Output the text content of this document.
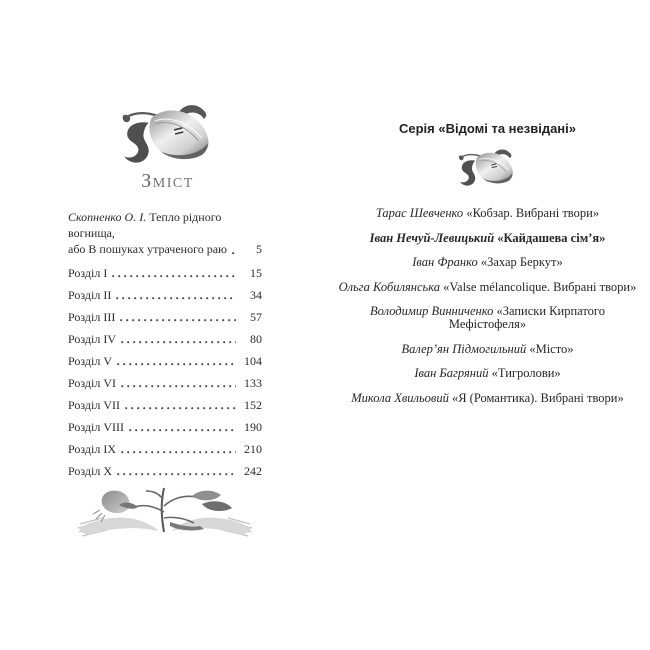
Зміст
Скопненко О. І. Тепло рідного вогнища,
або В пошуках утраченого раю	5
Розділ I	15
Розділ II	34
Розділ III	57
Розділ IV	80
Розділ V	104
Розділ VI	133
Розділ VII	152
Розділ VIII	190
Розділ IX	210
Розділ X	242
Серія «Відомі та незвідані»
Тарас Шевченко «Кобзар. Вибрані твори»
Іван Нечуй-Левицький «Кайдашева сім’я»
Іван Франко «Захар Беркут»
Ольга Кобилянська «Valse mélancolique. Вибрані твори»
Володимир Винниченко «Записки Кирпатого Мефістофеля»
Валер’ян Підмогильний «Місто»
Іван Багряний «Тигролови»
Микола Хвильовий «Я (Романтика). Вибрані твори»
